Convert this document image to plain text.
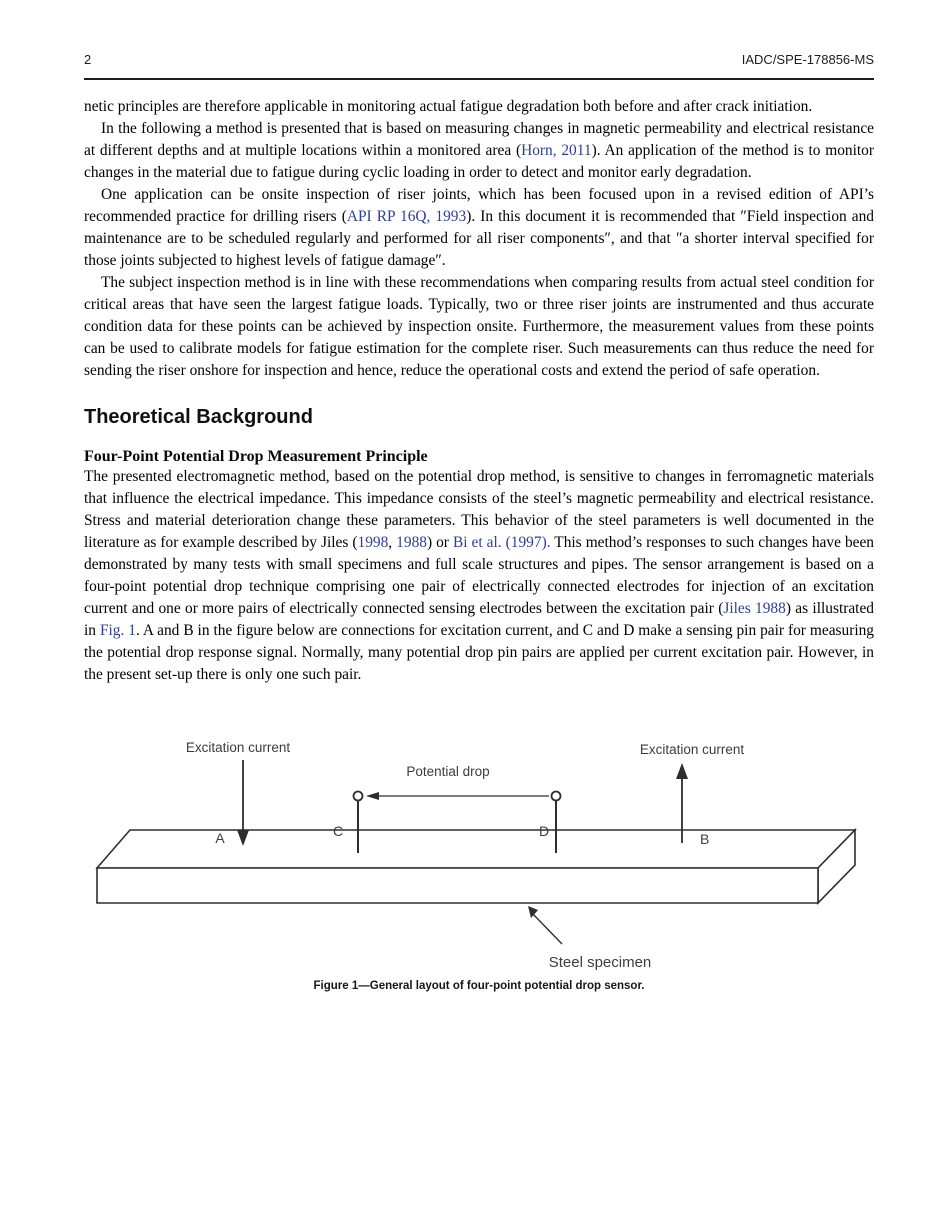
2	IADC/SPE-178856-MS

netic principles are therefore applicable in monitoring actual fatigue degradation both before and after crack initiation.

In the following a method is presented that is based on measuring changes in magnetic permeability and electrical resistance at different depths and at multiple locations within a monitored area (Horn, 2011). An application of the method is to monitor changes in the material due to fatigue during cyclic loading in order to detect and monitor early degradation.

One application can be onsite inspection of riser joints, which has been focused upon in a revised edition of API’s recommended practice for drilling risers (API RP 16Q, 1993). In this document it is recommended that ″Field inspection and maintenance are to be scheduled regularly and performed for all riser components″, and that ″a shorter interval specified for those joints subjected to highest levels of fatigue damage″.

The subject inspection method is in line with these recommendations when comparing results from actual steel condition for critical areas that have seen the largest fatigue loads. Typically, two or three riser joints are instrumented and thus accurate condition data for these points can be achieved by inspection onsite. Furthermore, the measurement values from these points can be used to calibrate models for fatigue estimation for the complete riser. Such measurements can thus reduce the need for sending the riser onshore for inspection and hence, reduce the operational costs and extend the period of safe operation.

Theoretical Background
Four-Point Potential Drop Measurement Principle

The presented electromagnetic method, based on the potential drop method, is sensitive to changes in ferromagnetic materials that influence the electrical impedance. This impedance consists of the steel’s magnetic permeability and electrical resistance. Stress and material deterioration change these parameters. This behavior of the steel parameters is well documented in the literature as for example described by Jiles (1998, 1988) or Bi et al. (1997). This method’s responses to such changes have been demonstrated by many tests with small specimens and full scale structures and pipes. The sensor arrangement is based on a four-point potential drop technique comprising one pair of electrically connected electrodes for injection of an excitation current and one or more pairs of electrically connected sensing electrodes between the excitation pair (Jiles 1988) as illustrated in Fig. 1. A and B in the figure below are connections for excitation current, and C and D make a sensing pin pair for measuring the potential drop response signal. Normally, many potential drop pin pairs are applied per current excitation pair. However, in the present set-up there is only one such pair.

Excitation current
A
Potential drop
C	D
Excitation current
B
Steel specimen
Figure 1—General layout of four-point potential drop sensor.
